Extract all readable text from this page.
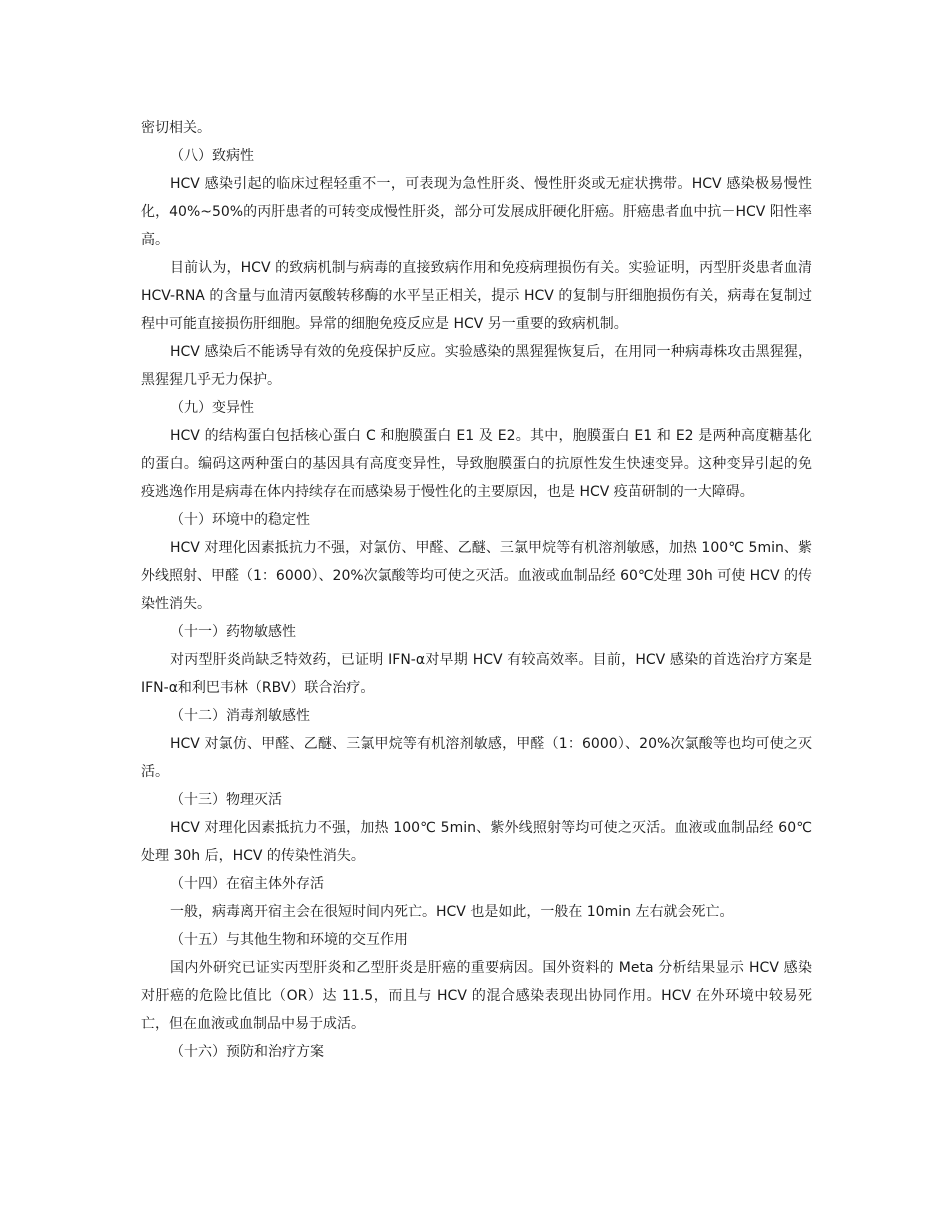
密切相关。

（八）致病性

HCV 感染引起的临床过程轻重不一，可表现为急性肝炎、慢性肝炎或无症状携带。HCV 感染极易慢性化，40%~50%的丙肝患者的可转变成慢性肝炎，部分可发展成肝硬化肝癌。肝癌患者血中抗－HCV 阳性率高。

目前认为，HCV 的致病机制与病毒的直接致病作用和免疫病理损伤有关。实验证明，丙型肝炎患者血清 HCV-RNA 的含量与血清丙氨酸转移酶的水平呈正相关，提示 HCV 的复制与肝细胞损伤有关，病毒在复制过程中可能直接损伤肝细胞。异常的细胞免疫反应是 HCV 另一重要的致病机制。

HCV 感染后不能诱导有效的免疫保护反应。实验感染的黑猩猩恢复后，在用同一种病毒株攻击黑猩猩，黑猩猩几乎无力保护。

（九）变异性

HCV 的结构蛋白包括核心蛋白 C 和胞膜蛋白 E1 及 E2。其中，胞膜蛋白 E1 和 E2 是两种高度糖基化的蛋白。编码这两种蛋白的基因具有高度变异性，导致胞膜蛋白的抗原性发生快速变异。这种变异引起的免疫逃逸作用是病毒在体内持续存在而感染易于慢性化的主要原因，也是 HCV 疫苗研制的一大障碍。

（十）环境中的稳定性

HCV 对理化因素抵抗力不强，对氯仿、甲醛、乙醚、三氯甲烷等有机溶剂敏感，加热 100℃ 5min、紫外线照射、甲醛（1：6000）、20%次氯酸等均可使之灭活。血液或血制品经 60℃处理 30h 可使 HCV 的传染性消失。

（十一）药物敏感性

对丙型肝炎尚缺乏特效药，已证明 IFN-α对早期 HCV 有较高效率。目前，HCV 感染的首选治疗方案是 IFN-α和利巴韦林（RBV）联合治疗。

（十二）消毒剂敏感性

HCV 对氯仿、甲醛、乙醚、三氯甲烷等有机溶剂敏感，甲醛（1：6000）、20%次氯酸等也均可使之灭活。

（十三）物理灭活

HCV 对理化因素抵抗力不强，加热 100℃ 5min、紫外线照射等均可使之灭活。血液或血制品经 60℃处理 30h 后，HCV 的传染性消失。

（十四）在宿主体外存活

一般，病毒离开宿主会在很短时间内死亡。HCV 也是如此，一般在 10min 左右就会死亡。

（十五）与其他生物和环境的交互作用

国内外研究已证实丙型肝炎和乙型肝炎是肝癌的重要病因。国外资料的 Meta 分析结果显示 HCV 感染对肝癌的危险比值比（OR）达 11.5，而且与 HCV 的混合感染表现出协同作用。HCV 在外环境中较易死亡，但在血液或血制品中易于成活。

（十六）预防和治疗方案
